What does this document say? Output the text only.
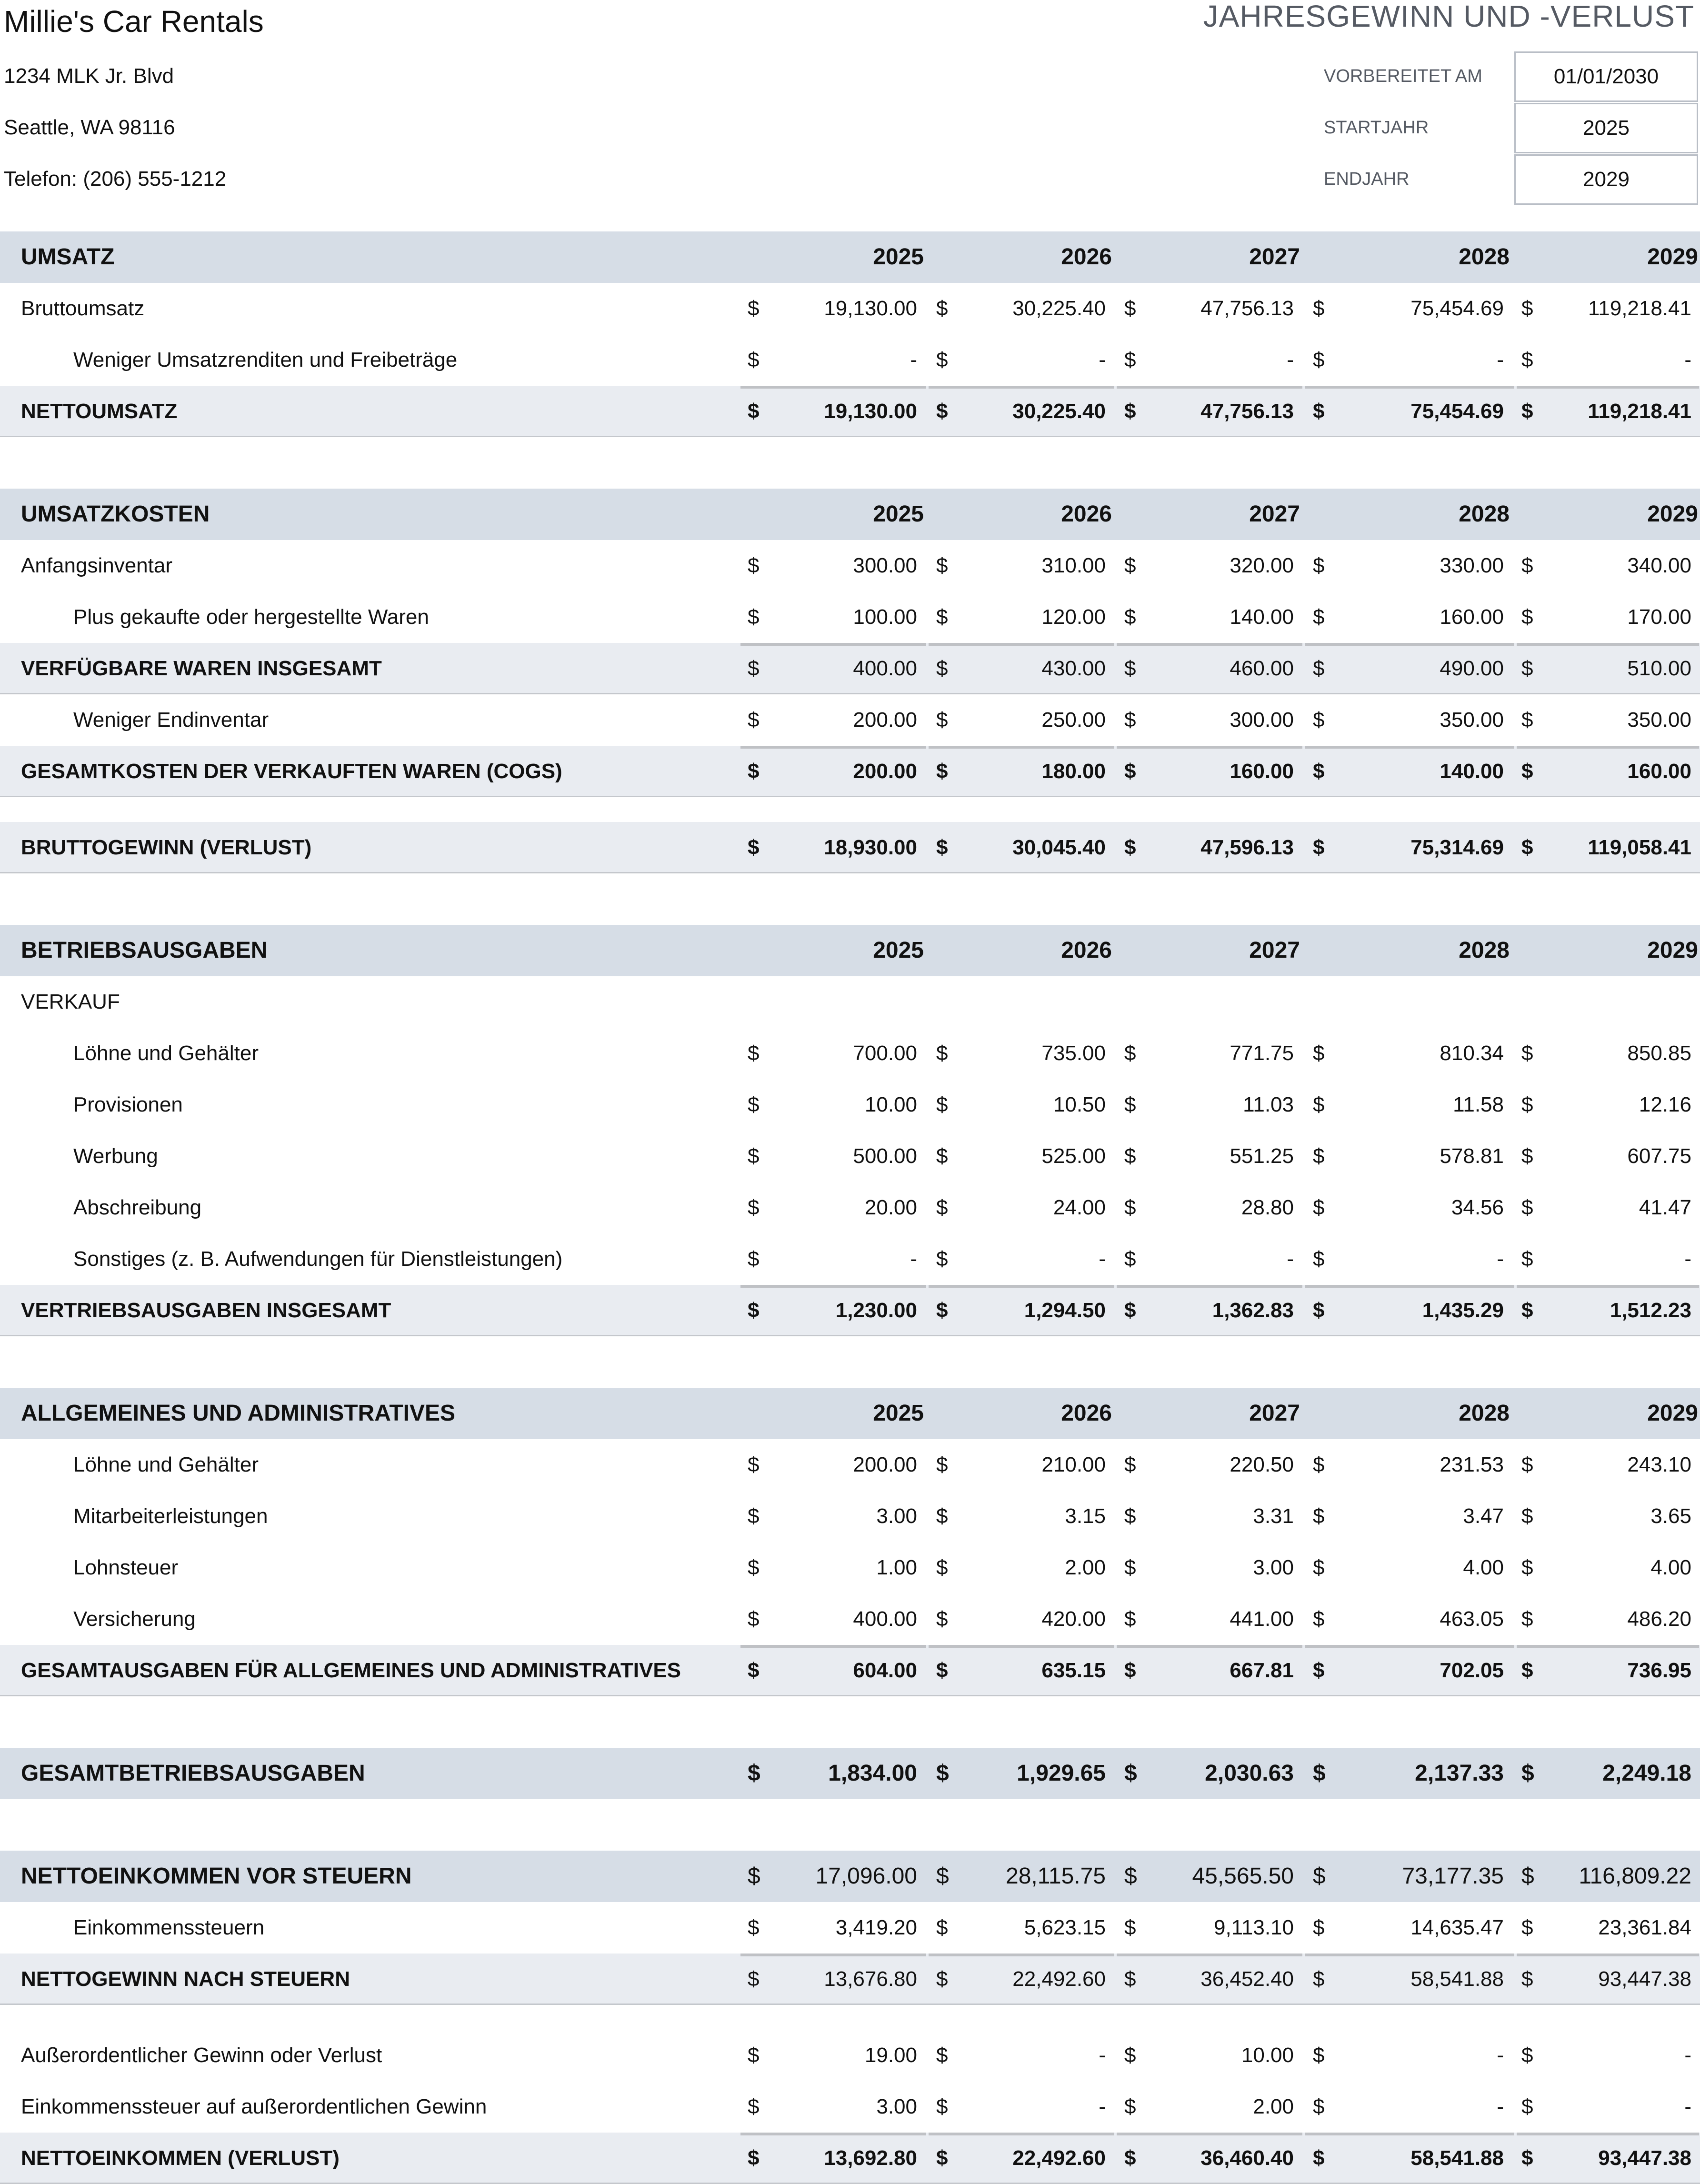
Millie's Car Rentals
1234 MLK Jr. Blvd
Seattle, WA 98116
Telefon: (206) 555-1212
JAHRESGEWINN UND -VERLUST
VORBEREITET AM	01/01/2030
STARTJAHR	2025
ENDJAHR	2029
UMSATZ	2025	2026	2027	2028	2029
Bruttoumsatz	$	19,130.00 $	30,225.40 $	47,756.13 $	75,454.69 $	119,218.41
Weniger Umsatzrenditen und Freibeträge	$	- $	- $	- $	- $	-
NETTOUMSATZ	$	19,130.00 $	30,225.40 $	47,756.13 $	75,454.69 $	119,218.41
UMSATZKOSTEN	2025	2026	2027	2028	2029
Anfangsinventar	$	300.00 $	310.00 $	320.00 $	330.00 $	340.00
Plus gekaufte oder hergestellte Waren	$	100.00 $	120.00 $	140.00 $	160.00 $	170.00
VERFÜGBARE WAREN INSGESAMT	$	400.00 $	430.00 $	460.00 $	490.00 $	510.00
Weniger Endinventar	$	200.00 $	250.00 $	300.00 $	350.00 $	350.00
GESAMTKOSTEN DER VERKAUFTEN WAREN (COGS)	$	200.00 $	180.00 $	160.00 $	140.00 $	160.00
BRUTTOGEWINN (VERLUST)	$	18,930.00 $	30,045.40 $	47,596.13 $	75,314.69 $	119,058.41
BETRIEBSAUSGABEN	2025	2026	2027	2028	2029
VERKAUF
Löhne und Gehälter	$	700.00 $	735.00 $	771.75 $	810.34 $	850.85
Provisionen	$	10.00 $	10.50 $	11.03 $	11.58 $	12.16
Werbung	$	500.00 $	525.00 $	551.25 $	578.81 $	607.75
Abschreibung	$	20.00 $	24.00 $	28.80 $	34.56 $	41.47
Sonstiges (z. B. Aufwendungen für Dienstleistungen)	$	- $	- $	- $	- $	-
VERTRIEBSAUSGABEN INSGESAMT	$	1,230.00 $	1,294.50 $	1,362.83 $	1,435.29 $	1,512.23
ALLGEMEINES UND ADMINISTRATIVES	2025	2026	2027	2028	2029
Löhne und Gehälter	$	200.00 $	210.00 $	220.50 $	231.53 $	243.10
Mitarbeiterleistungen	$	3.00 $	3.15 $	3.31 $	3.47 $	3.65
Lohnsteuer	$	1.00 $	2.00 $	3.00 $	4.00 $	4.00
Versicherung	$	400.00 $	420.00 $	441.00 $	463.05 $	486.20
GESAMTAUSGABEN FÜR ALLGEMEINES UND ADMINISTRATIVES	$	604.00 $	635.15 $	667.81 $	702.05 $	736.95
GESAMTBETRIEBSAUSGABEN	$	1,834.00 $	1,929.65 $	2,030.63 $	2,137.33 $	2,249.18
NETTOEINKOMMEN VOR STEUERN	$	17,096.00 $	28,115.75 $	45,565.50 $	73,177.35 $	116,809.22
Einkommenssteuern	$	3,419.20 $	5,623.15 $	9,113.10 $	14,635.47 $	23,361.84
NETTOGEWINN NACH STEUERN	$	13,676.80 $	22,492.60 $	36,452.40 $	58,541.88 $	93,447.38
Außerordentlicher Gewinn oder Verlust	$	19.00 $	- $	10.00 $	- $	-
Einkommenssteuer auf außerordentlichen Gewinn	$	3.00 $	- $	2.00 $	- $	-
NETTOEINKOMMEN (VERLUST)	$	13,692.80 $	22,492.60 $	36,460.40 $	58,541.88 $	93,447.38
